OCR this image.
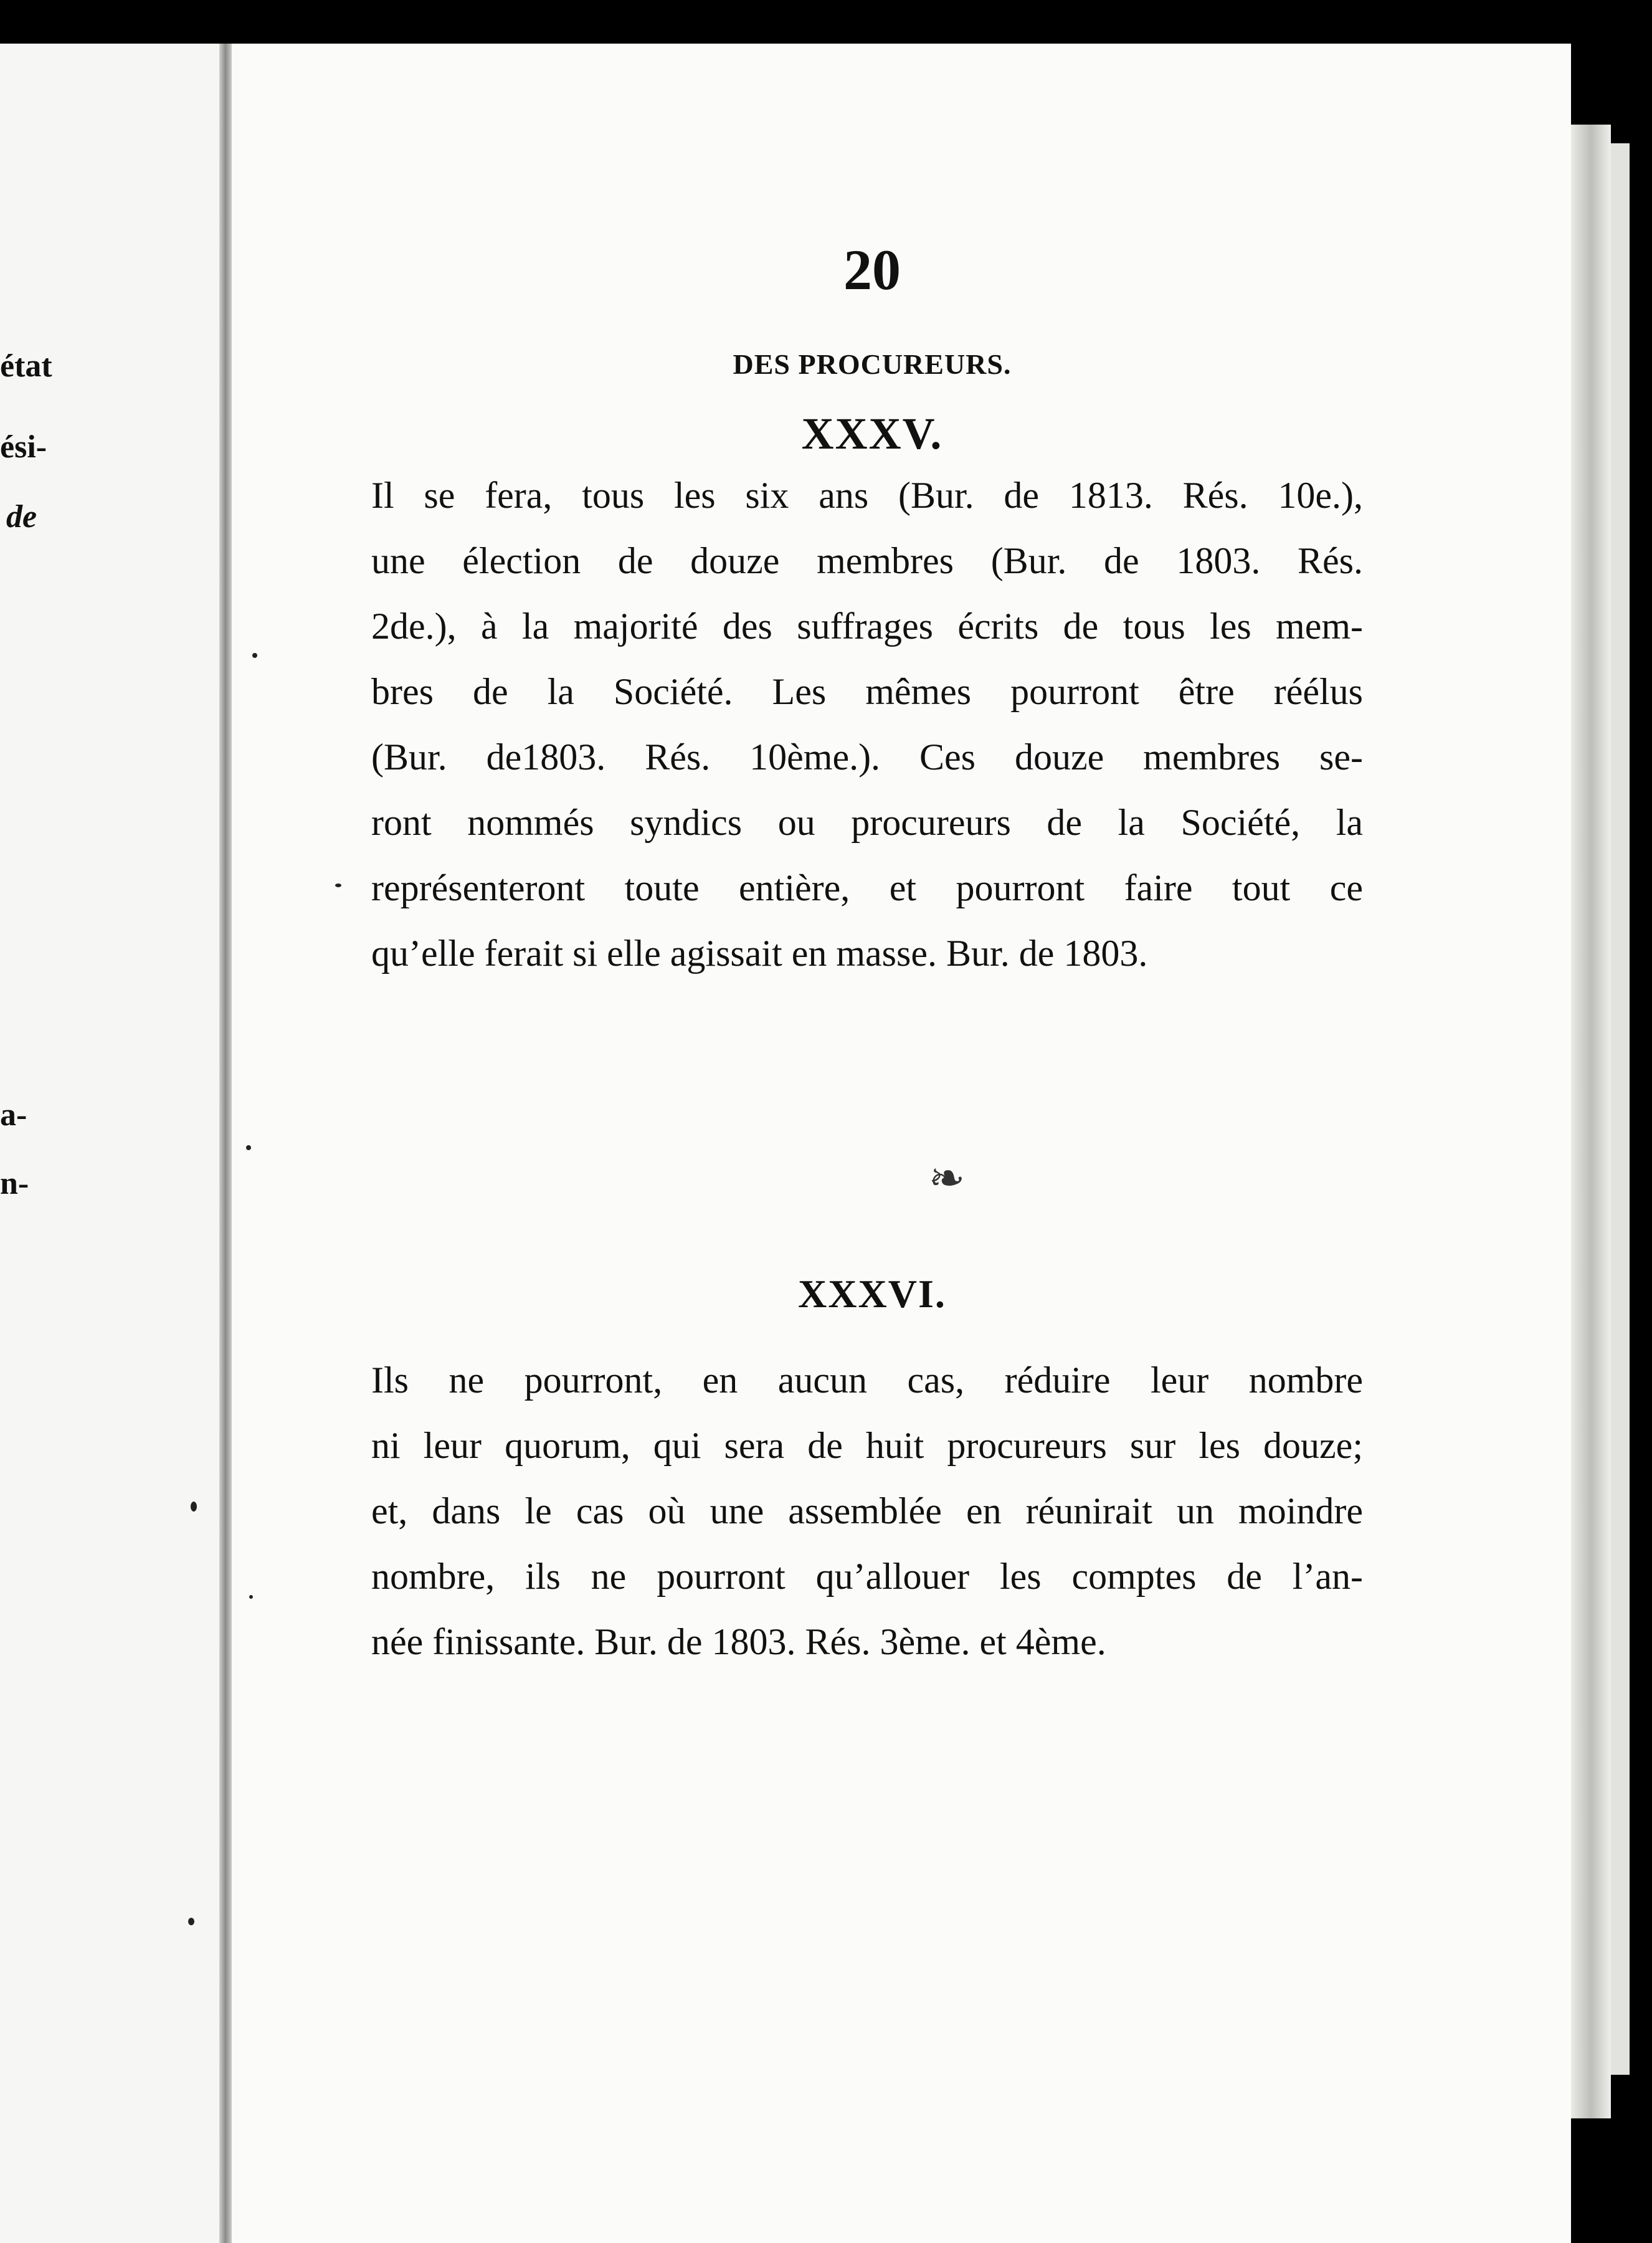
état
ési-
de
a-
n-
20
DES PROCUREURS.
XXXV.
Il se fera, tous les six ans (Bur. de 1813. Rés. 10e.),
une élection de douze membres (Bur. de 1803. Rés.
2de.), à la majorité des suffrages écrits de tous les mem-
bres de la Société. Les mêmes pourront être réélus
(Bur. de1803. Rés. 10ème.). Ces douze membres se-
ront nommés syndics ou procureurs de la Société, la
représenteront toute entière, et pourront faire tout ce
qu’elle ferait si elle agissait en masse. Bur. de 1803.
❧
XXXVI.
Ils ne pourront, en aucun cas, réduire leur nombre
ni leur quorum, qui sera de huit procureurs sur les douze;
et, dans le cas où une assemblée en réunirait un moindre
nombre, ils ne pourront qu’allouer les comptes de l’an-
née finissante. Bur. de 1803. Rés. 3ème. et 4ème.
